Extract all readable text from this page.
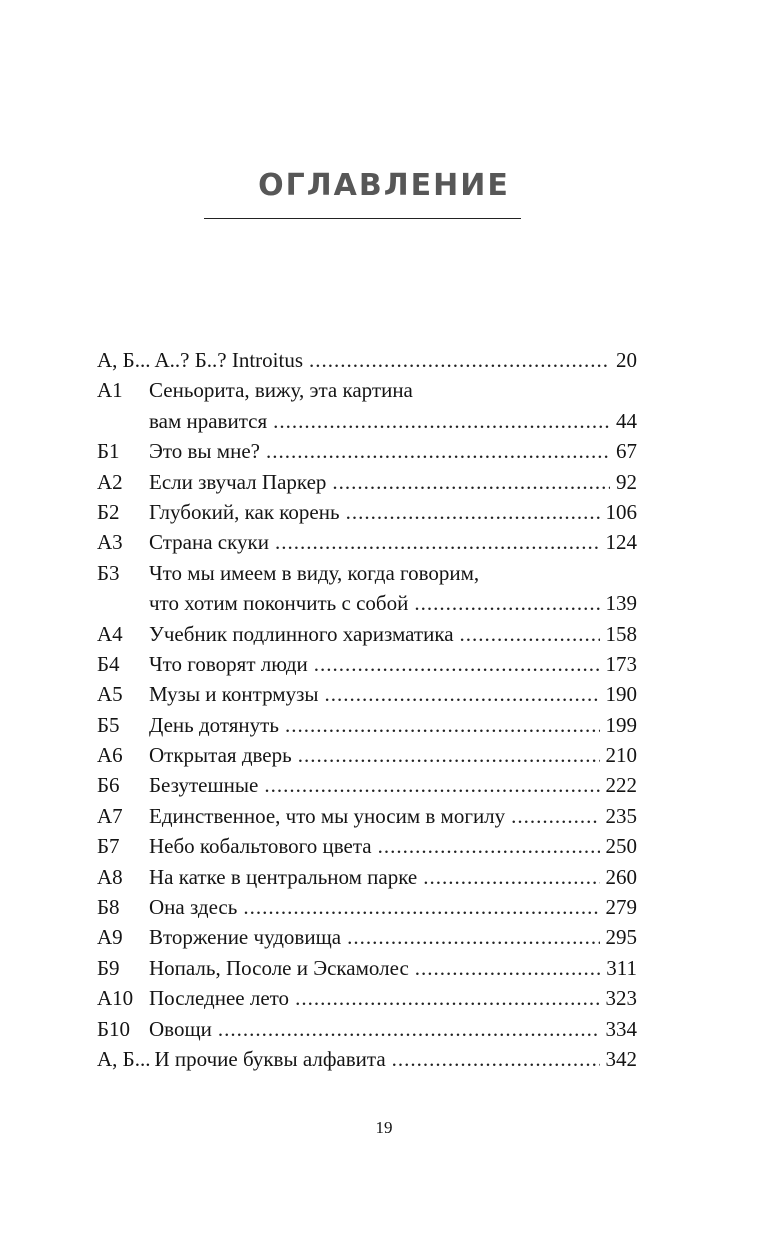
ОГЛАВЛЕНИЕ
А, Б... А..? Б..? Introitus .....	20
А1	Сеньорита, вижу, эта картина
вам нравится .....	44
Б1	Это вы мне? .....	67
А2	Если звучал Паркер .....	92
Б2	Глубокий, как корень .....	106
А3	Страна скуки .....	124
Б3	Что мы имеем в виду, когда говорим,
что хотим покончить с собой .....	139
А4	Учебник подлинного харизматика .....	158
Б4	Что говорят люди .....	173
А5	Музы и контрмузы .....	190
Б5	День дотянуть .....	199
А6	Открытая дверь .....	210
Б6	Безутешные .....	222
А7	Единственное, что мы уносим в могилу .....	235
Б7	Небо кобальтового цвета .....	250
А8	На катке в центральном парке .....	260
Б8	Она здесь .....	279
А9	Вторжение чудовища .....	295
Б9	Нопаль, Посоле и Эскамолес .....	311
А10 Последнее лето .....	323
Б10 Овощи .....	334
А, Б... И прочие буквы алфавита .....	342
19
